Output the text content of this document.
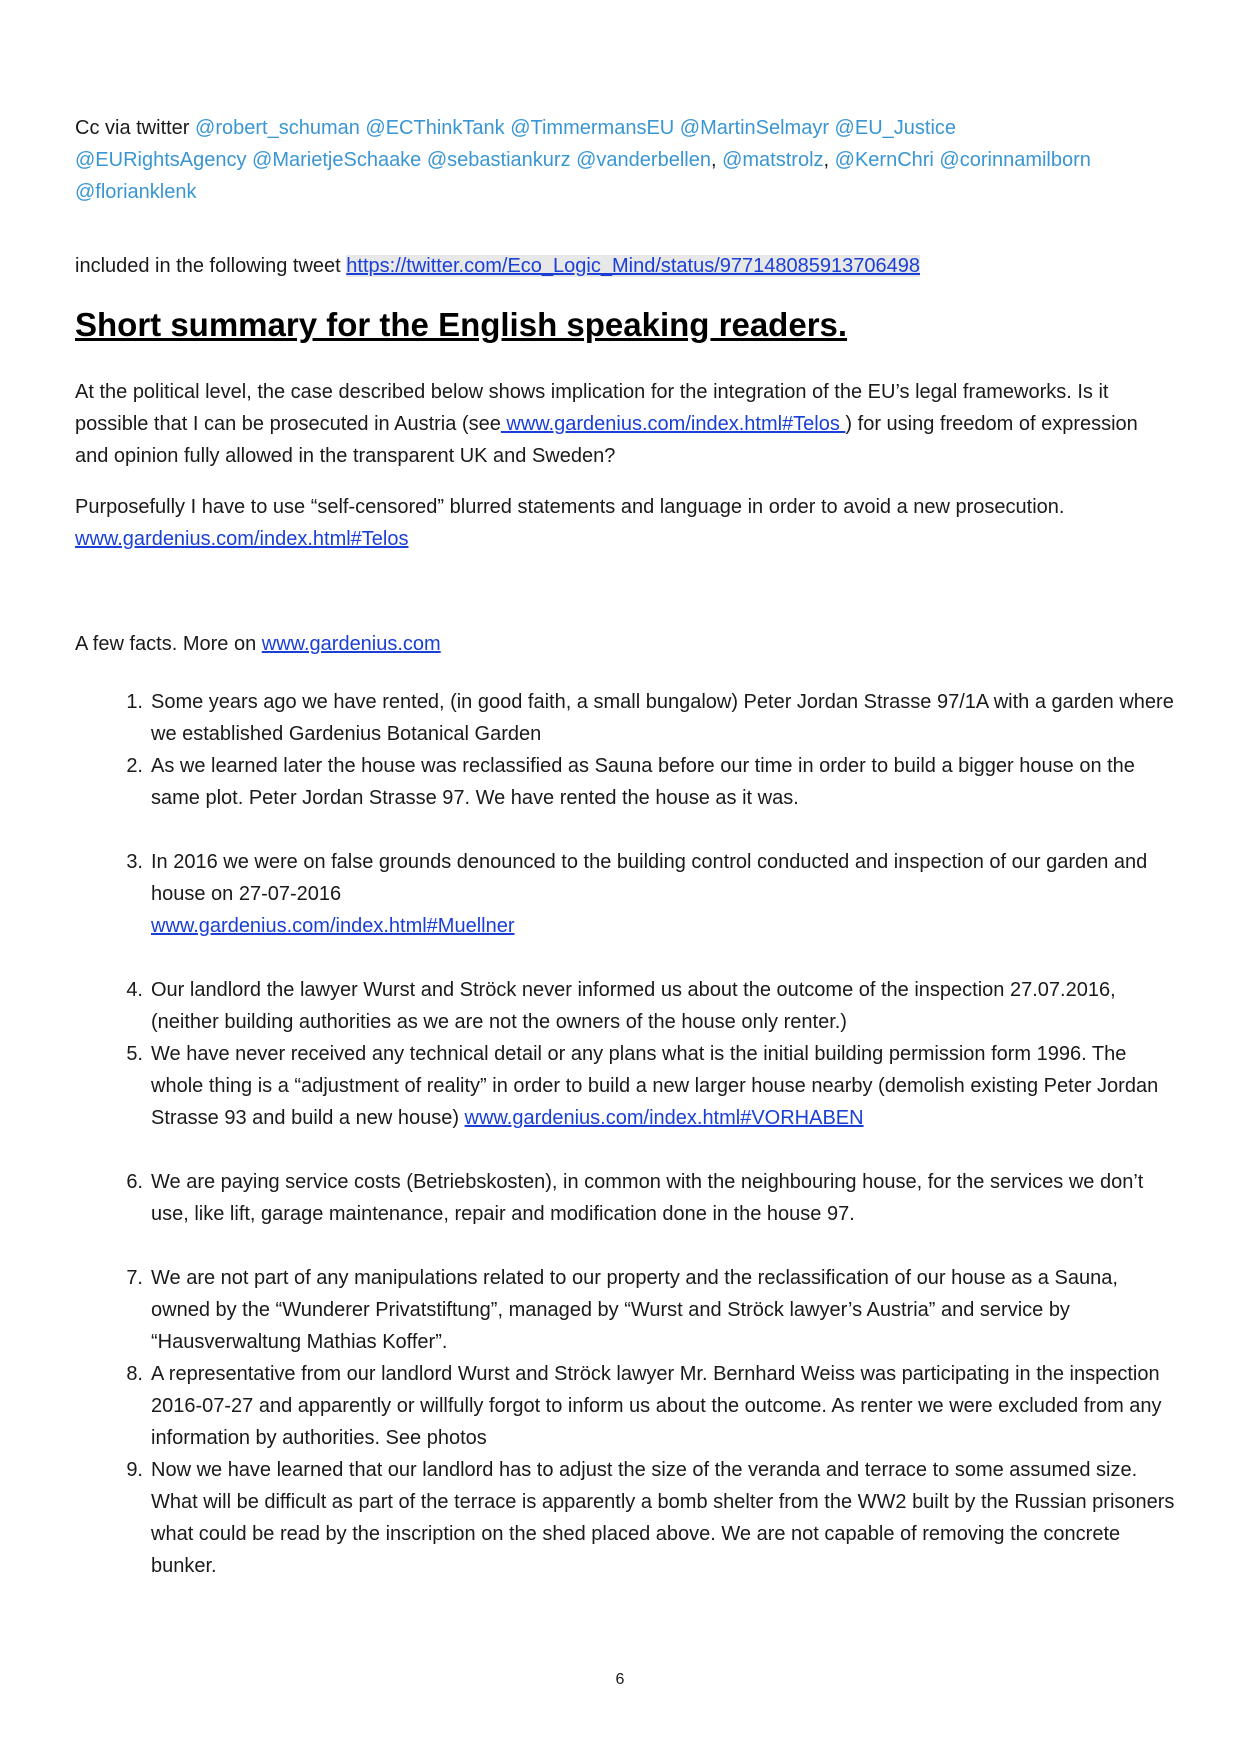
Cc via twitter @robert_schuman @ECThinkTank @TimmermansEU @MartinSelmayr @EU_Justice
@EURightsAgency @MarietjeSchaake @sebastiankurz @vanderbellen, @matstrolz, @KernChri @corinnamilborn
@florianklenk
included in the following tweet https://twitter.com/Eco_Logic_Mind/status/977148085913706498
Short summary for the English speaking readers.
At the political level, the case described below shows implication for the integration of the EU’s legal frameworks. Is it possible that I can be prosecuted in Austria (see www.gardenius.com/index.html#Telos ) for using freedom of expression and opinion fully allowed in the transparent UK and Sweden?
Purposefully I have to use “self-censored” blurred statements and language in order to avoid a new prosecution.
www.gardenius.com/index.html#Telos
A few facts. More on www.gardenius.com
1. Some years ago we have rented, (in good faith, a small bungalow) Peter Jordan Strasse 97/1A with a garden where we established Gardenius Botanical Garden
2. As we learned later the house was reclassified as Sauna before our time in order to build a bigger house on the same plot. Peter Jordan Strasse 97. We have rented the house as it was.
3. In 2016 we were on false grounds denounced to the building control conducted and inspection of our garden and house on 27-07-2016
www.gardenius.com/index.html#Muellner
4. Our landlord the lawyer Wurst and Ströck never informed us about the outcome of the inspection 27.07.2016, (neither building authorities as we are not the owners of the house only renter.)
5. We have never received any technical detail or any plans what is the initial building permission form 1996. The whole thing is a “adjustment of reality” in order to build a new larger house nearby (demolish existing Peter Jordan Strasse 93 and build a new house) www.gardenius.com/index.html#VORHABEN
6. We are paying service costs (Betriebskosten), in common with the neighbouring house, for the services we don’t use, like lift, garage maintenance, repair and modification done in the house 97.
7. We are not part of any manipulations related to our property and the reclassification of our house as a Sauna, owned by the “Wunderer Privatstiftung”, managed by “Wurst and Ströck lawyer’s Austria” and service by “Hausverwaltung Mathias Koffer”.
8. A representative from our landlord Wurst and Ströck lawyer Mr. Bernhard Weiss was participating in the inspection 2016-07-27 and apparently or willfully forgot to inform us about the outcome. As renter we were excluded from any information by authorities. See photos
9. Now we have learned that our landlord has to adjust the size of the veranda and terrace to some assumed size. What will be difficult as part of the terrace is apparently a bomb shelter from the WW2 built by the Russian prisoners what could be read by the inscription on the shed placed above. We are not capable of removing the concrete bunker.
6
